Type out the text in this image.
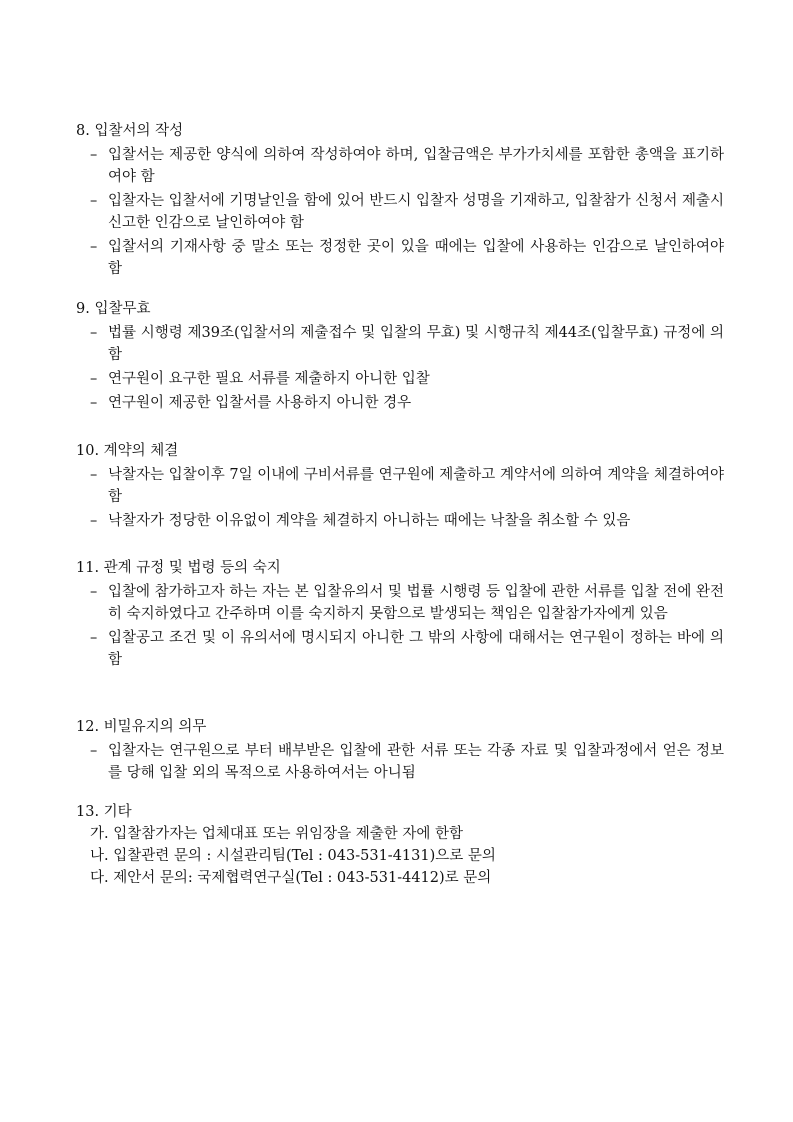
8. 입찰서의 작성
– 입찰서는 제공한 양식에 의하여 작성하여야 하며, 입찰금액은 부가가치세를 포함한 총액을 표기하여야 함
– 입찰자는 입찰서에 기명날인을 함에 있어 반드시 입찰자 성명을 기재하고, 입찰참가 신청서 제출시 신고한 인감으로 날인하여야 함
– 입찰서의 기재사항 중 말소 또는 정정한 곳이 있을 때에는 입찰에 사용하는 인감으로 날인하여야 함
9. 입찰무효
– 법률 시행령 제39조(입찰서의 제출접수 및 입찰의 무효) 및 시행규칙 제44조(입찰무효) 규정에 의함
– 연구원이 요구한 필요 서류를 제출하지 아니한 입찰
– 연구원이 제공한 입찰서를 사용하지 아니한 경우
10. 계약의 체결
– 낙찰자는 입찰이후 7일 이내에 구비서류를 연구원에 제출하고 계약서에 의하여 계약을 체결하여야 함
– 낙찰자가 정당한 이유없이 계약을 체결하지 아니하는 때에는 낙찰을 취소할 수 있음
11. 관계 규정 및 법령 등의 숙지
– 입찰에 참가하고자 하는 자는 본 입찰유의서 및 법률 시행령 등 입찰에 관한 서류를 입찰 전에 완전히 숙지하였다고 간주하며 이를 숙지하지 못함으로 발생되는 책임은 입찰참가자에게 있음
– 입찰공고 조건 및 이 유의서에 명시되지 아니한 그 밖의 사항에 대해서는 연구원이 정하는 바에 의함
12. 비밀유지의 의무
– 입찰자는 연구원으로 부터 배부받은 입찰에 관한 서류 또는 각종 자료 및 입찰과정에서 얻은 정보를 당해 입찰 외의 목적으로 사용하여서는 아니됨
13. 기타
가. 입찰참가자는 업체대표 또는 위임장을 제출한 자에 한함
나. 입찰관련 문의 : 시설관리팀(Tel : 043-531-4131)으로 문의
다. 제안서 문의: 국제협력연구실(Tel : 043-531-4412)로 문의
